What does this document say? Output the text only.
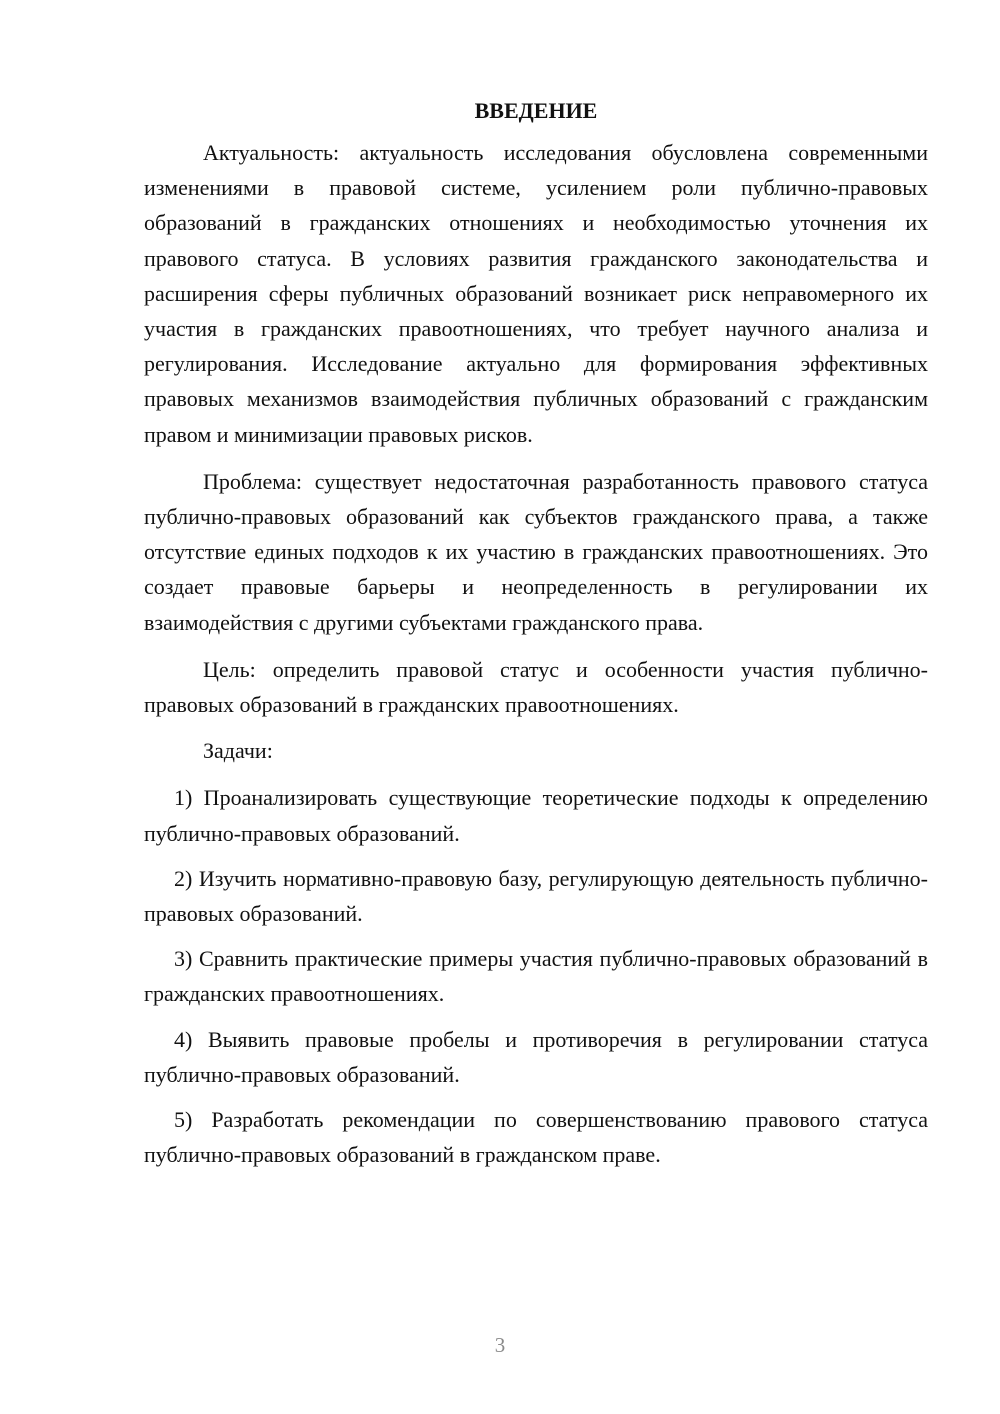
ВВЕДЕНИЕ

Актуальность: актуальность исследования обусловлена современными изменениями в правовой системе, усилением роли публично-правовых образований в гражданских отношениях и необходимостью уточнения их правового статуса. В условиях развития гражданского законодательства и расширения сферы публичных образований возникает риск неправомерного их участия в гражданских правоотношениях, что требует научного анализа и регулирования. Исследование актуально для формирования эффективных правовых механизмов взаимодействия публичных образований с гражданским правом и минимизации правовых рисков.

Проблема: существует недостаточная разработанность правового статуса публично-правовых образований как субъектов гражданского права, а также отсутствие единых подходов к их участию в гражданских правоотношениях. Это создает правовые барьеры и неопределенность в регулировании их взаимодействия с другими субъектами гражданского права.

Цель: определить правовой статус и особенности участия публично-правовых образований в гражданских правоотношениях.

Задачи:

1) Проанализировать существующие теоретические подходы к определению публично-правовых образований.

2) Изучить нормативно-правовую базу, регулирующую деятельность публично-правовых образований.

3) Сравнить практические примеры участия публично-правовых образований в гражданских правоотношениях.

4) Выявить правовые пробелы и противоречия в регулировании статуса публично-правовых образований.

5) Разработать рекомендации по совершенствованию правового статуса публично-правовых образований в гражданском праве.

3
